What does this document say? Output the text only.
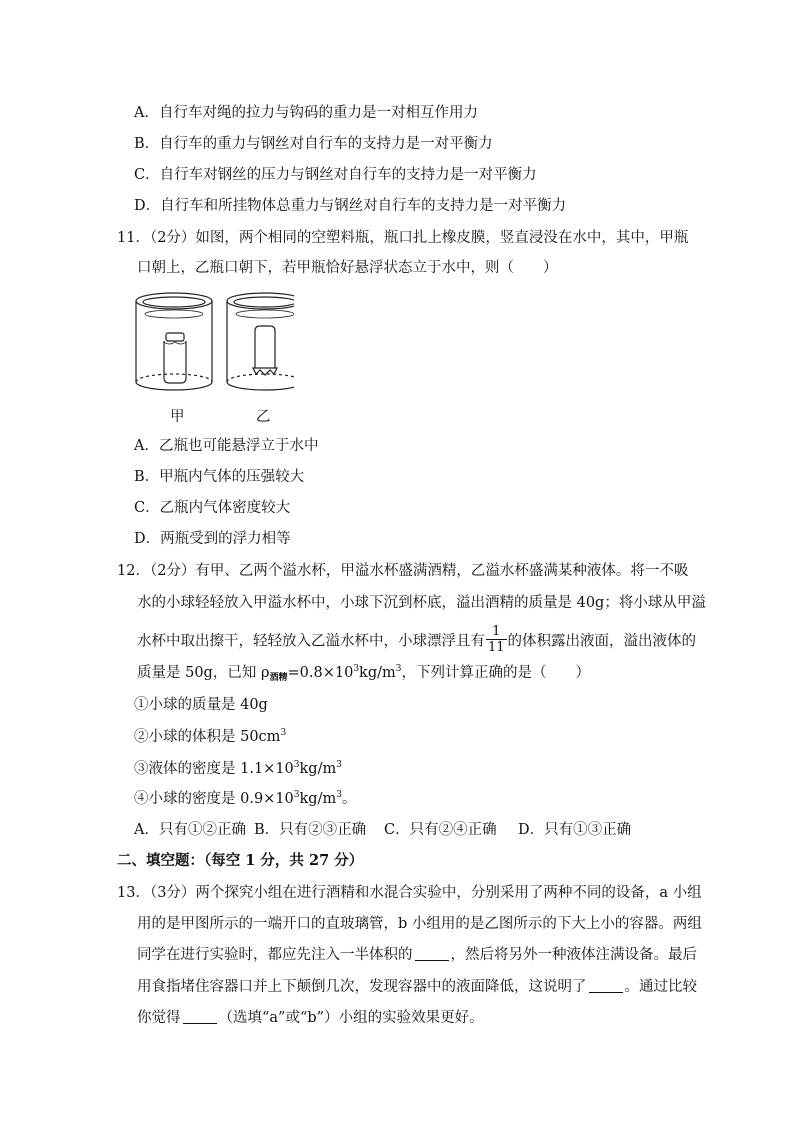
A．自行车对绳的拉力与钩码的重力是一对相互作用力
B．自行车的重力与钢丝对自行车的支持力是一对平衡力
C．自行车对钢丝的压力与钢丝对自行车的支持力是一对平衡力
D．自行车和所挂物体总重力与钢丝对自行车的支持力是一对平衡力
11．（2分）如图，两个相同的空塑料瓶，瓶口扎上橡皮膜，竖直浸没在水中，其中，甲瓶
口朝上，乙瓶口朝下，若甲瓶恰好悬浮状态立于水中，则（　　）
甲	乙
A．乙瓶也可能悬浮立于水中
B．甲瓶内气体的压强较大
C．乙瓶内气体密度较大
D．两瓶受到的浮力相等
12．（2分）有甲、乙两个溢水杯，甲溢水杯盛满酒精，乙溢水杯盛满某种液体。将一不吸
水的小球轻轻放入甲溢水杯中，小球下沉到杯底，溢出酒精的质量是 40g；将小球从甲溢
水杯中取出擦干，轻轻放入乙溢水杯中，小球漂浮且有 $\frac{1}{11}$ 的体积露出液面，溢出液体的
质量是 50g，已知 $\rho_{酒精}=0.8\times 10^3kg/m^3$，下列计算正确的是（　　）
①小球的质量是 40g
②小球的体积是 $50cm^3$
③液体的密度是 $1.1\times 10^3kg/m^3$
④小球的密度是 $0.9\times 10^3kg/m^3$。
A．只有①②正确 B．只有②③正确 C．只有②④正确 D．只有①③正确
二、填空题：（每空 1 分，共 27 分）
13．（3分）两个探究小组在进行酒精和水混合实验中，分别采用了两种不同的设备，a 小组
用的是甲图所示的一端开口的直玻璃管，b 小组用的是乙图所示的下大上小的容器。两组
同学在进行实验时，都应先注入一半体积的	，然后将另外一种液体注满设备。最后
用食指堵住容器口并上下颠倒几次，发现容器中的液面降低，这说明了	。通过比较
你觉得	（选填“a”或“b”）小组的实验效果更好。
